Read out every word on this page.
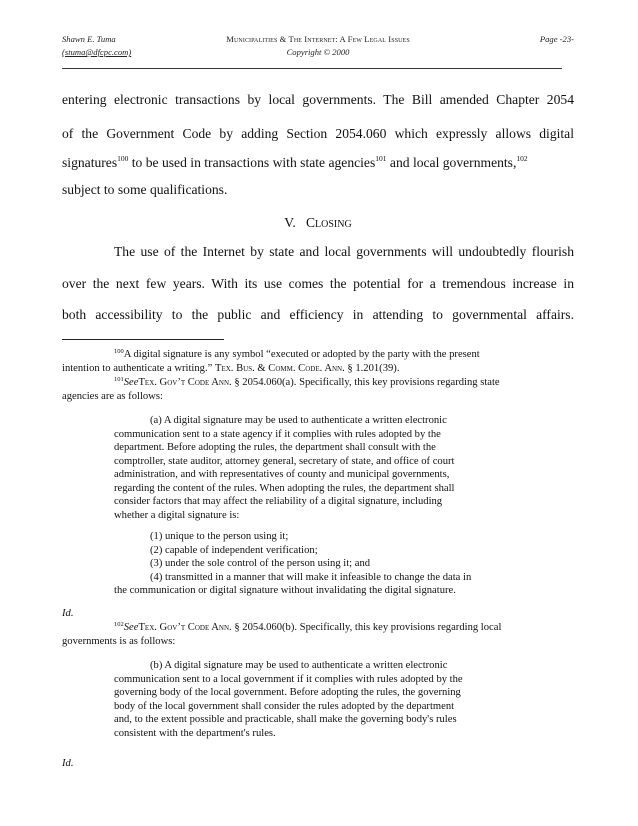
Shawn E. Tuma
(stuma@dfcpc.com)
Municipalities & The Internet: A Few Legal Issues
Copyright © 2000
Page -23-
entering electronic transactions by local governments. The Bill amended Chapter 2054
of the Government Code by adding Section 2054.060 which expressly allows digital
signatures$^{100}$ to be used in transactions with state agencies$^{101}$ and local governments,$^{102}$
subject to some qualifications.
V. Closing
The use of the Internet by state and local governments will undoubtedly flourish
over the next few years. With its use comes the potential for a tremendous increase in
both accessibility to the public and efficiency in attending to governmental affairs.
$^{100}$A digital signature is any symbol “executed or adopted by the party with the present
intention to authenticate a writing.” Tex. Bus. & Comm. Code. Ann. § 1.201(39).
$^{101}$SeeTex. Gov’t Code Ann. § 2054.060(a). Specifically, this key provisions regarding state
agencies are as follows:
(a) A digital signature may be used to authenticate a written electronic
communication sent to a state agency if it complies with rules adopted by the
department. Before adopting the rules, the department shall consult with the
comptroller, state auditor, attorney general, secretary of state, and office of court
administration, and with representatives of county and municipal governments,
regarding the content of the rules. When adopting the rules, the department shall
consider factors that may affect the reliability of a digital signature, including
whether a digital signature is:
(1) unique to the person using it;
(2) capable of independent verification;
(3) under the sole control of the person using it; and
(4) transmitted in a manner that will make it infeasible to change the data in
the communication or digital signature without invalidating the digital signature.
Id.
$^{102}$SeeTex. Gov’t Code Ann. § 2054.060(b). Specifically, this key provisions regarding local
governments is as follows:
(b) A digital signature may be used to authenticate a written electronic
communication sent to a local government if it complies with rules adopted by the
governing body of the local government. Before adopting the rules, the governing
body of the local government shall consider the rules adopted by the department
and, to the extent possible and practicable, shall make the governing body's rules
consistent with the department's rules.
Id.
